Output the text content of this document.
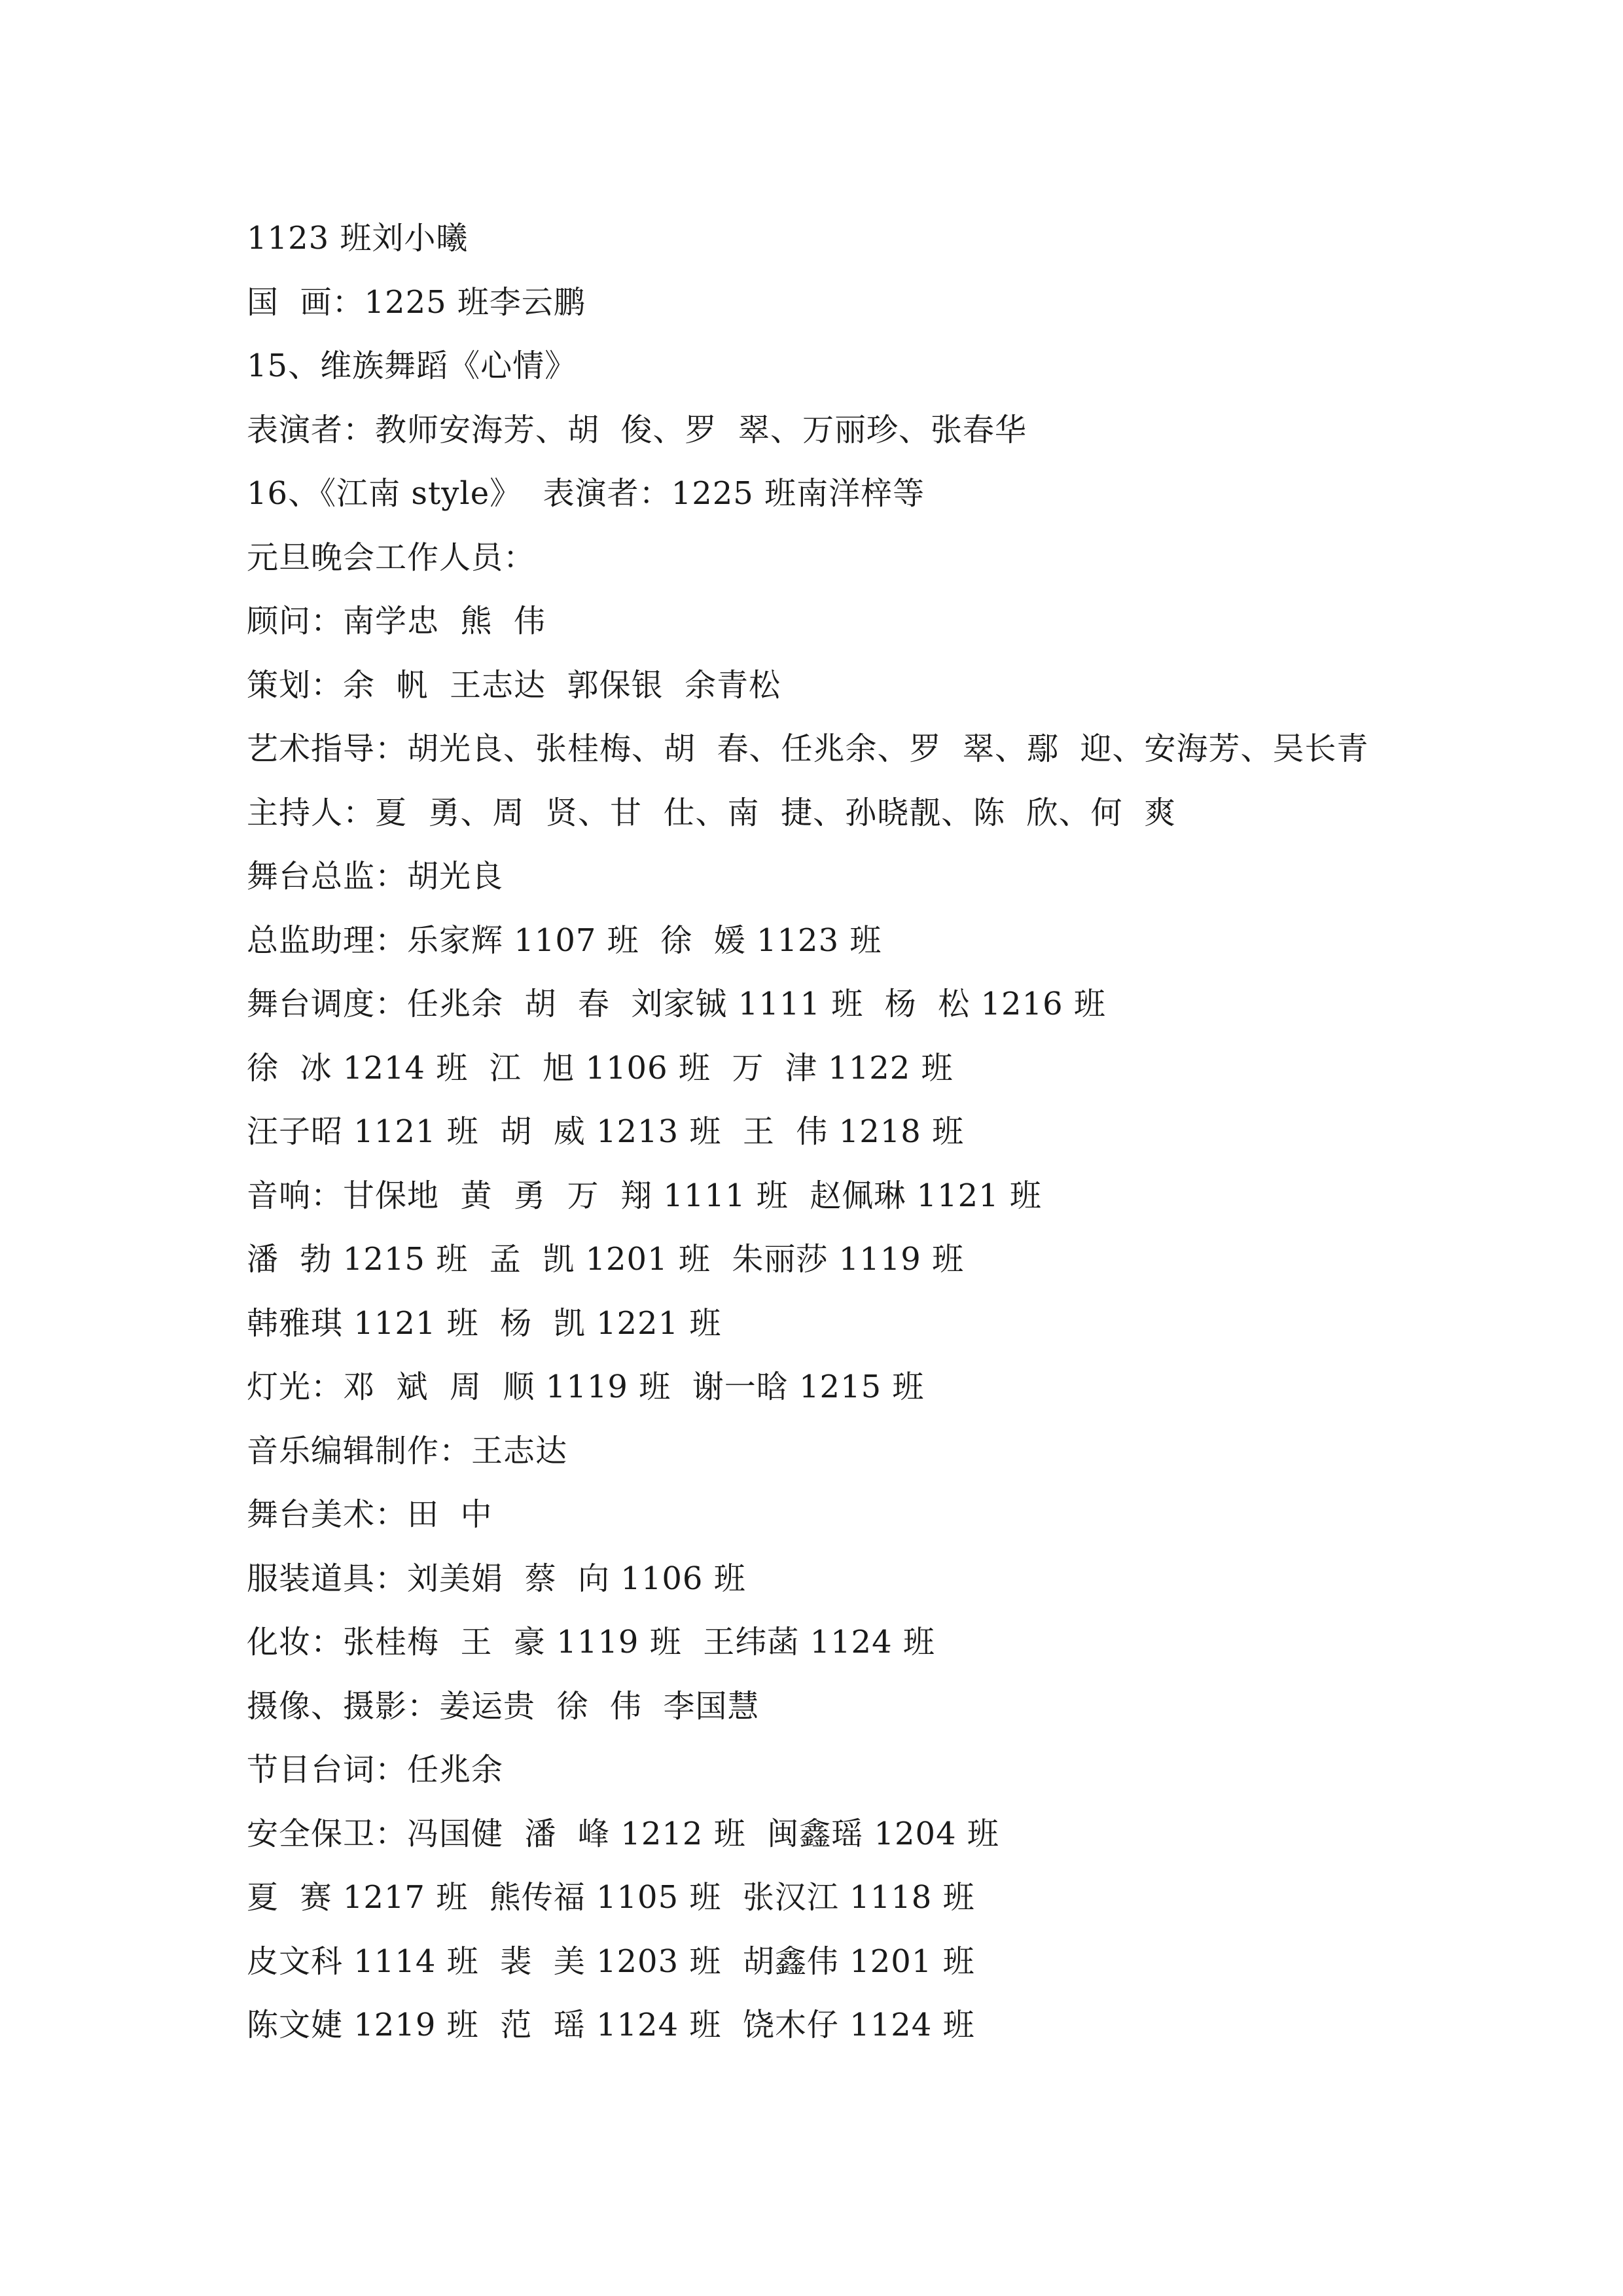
1123 班刘小曦
国  画：1225 班李云鹏
15、维族舞蹈《心情》
表演者：教师安海芳、胡  俊、罗  翠、万丽珍、张春华
16、《江南 style》  表演者：1225 班南洋梓等
元旦晚会工作人员：
顾问：南学忠  熊  伟
策划：余  帆  王志达  郭保银  余青松
艺术指导：胡光良、张桂梅、胡  春、任兆余、罗  翠、鄢  迎、安海芳、吴长青
主持人：夏  勇、周  贤、甘  仕、南  捷、孙晓靓、陈  欣、何  爽
舞台总监：胡光良
总监助理：乐家辉 1107 班  徐  媛 1123 班
舞台调度：任兆余  胡  春  刘家铖 1111 班  杨  松 1216 班
徐  冰 1214 班  江  旭 1106 班  万  津 1122 班
汪子昭 1121 班  胡  威 1213 班  王  伟 1218 班
音响：甘保地  黄  勇  万  翔 1111 班  赵佩琳 1121 班
潘  勃 1215 班  孟  凯 1201 班  朱丽莎 1119 班
韩雅琪 1121 班  杨  凯 1221 班
灯光：邓  斌  周  顺 1119 班  谢一晗 1215 班
音乐编辑制作：王志达
舞台美术：田  中
服装道具：刘美娟  蔡  向 1106 班
化妆：张桂梅  王  豪 1119 班  王纬菡 1124 班
摄像、摄影：姜运贵  徐  伟  李国慧
节目台词：任兆余
安全保卫：冯国健  潘  峰 1212 班  闽鑫瑶 1204 班
夏  赛 1217 班  熊传福 1105 班  张汉江 1118 班
皮文科 1114 班  裴  美 1203 班  胡鑫伟 1201 班
陈文婕 1219 班  范  瑶 1124 班  饶木仔 1124 班
